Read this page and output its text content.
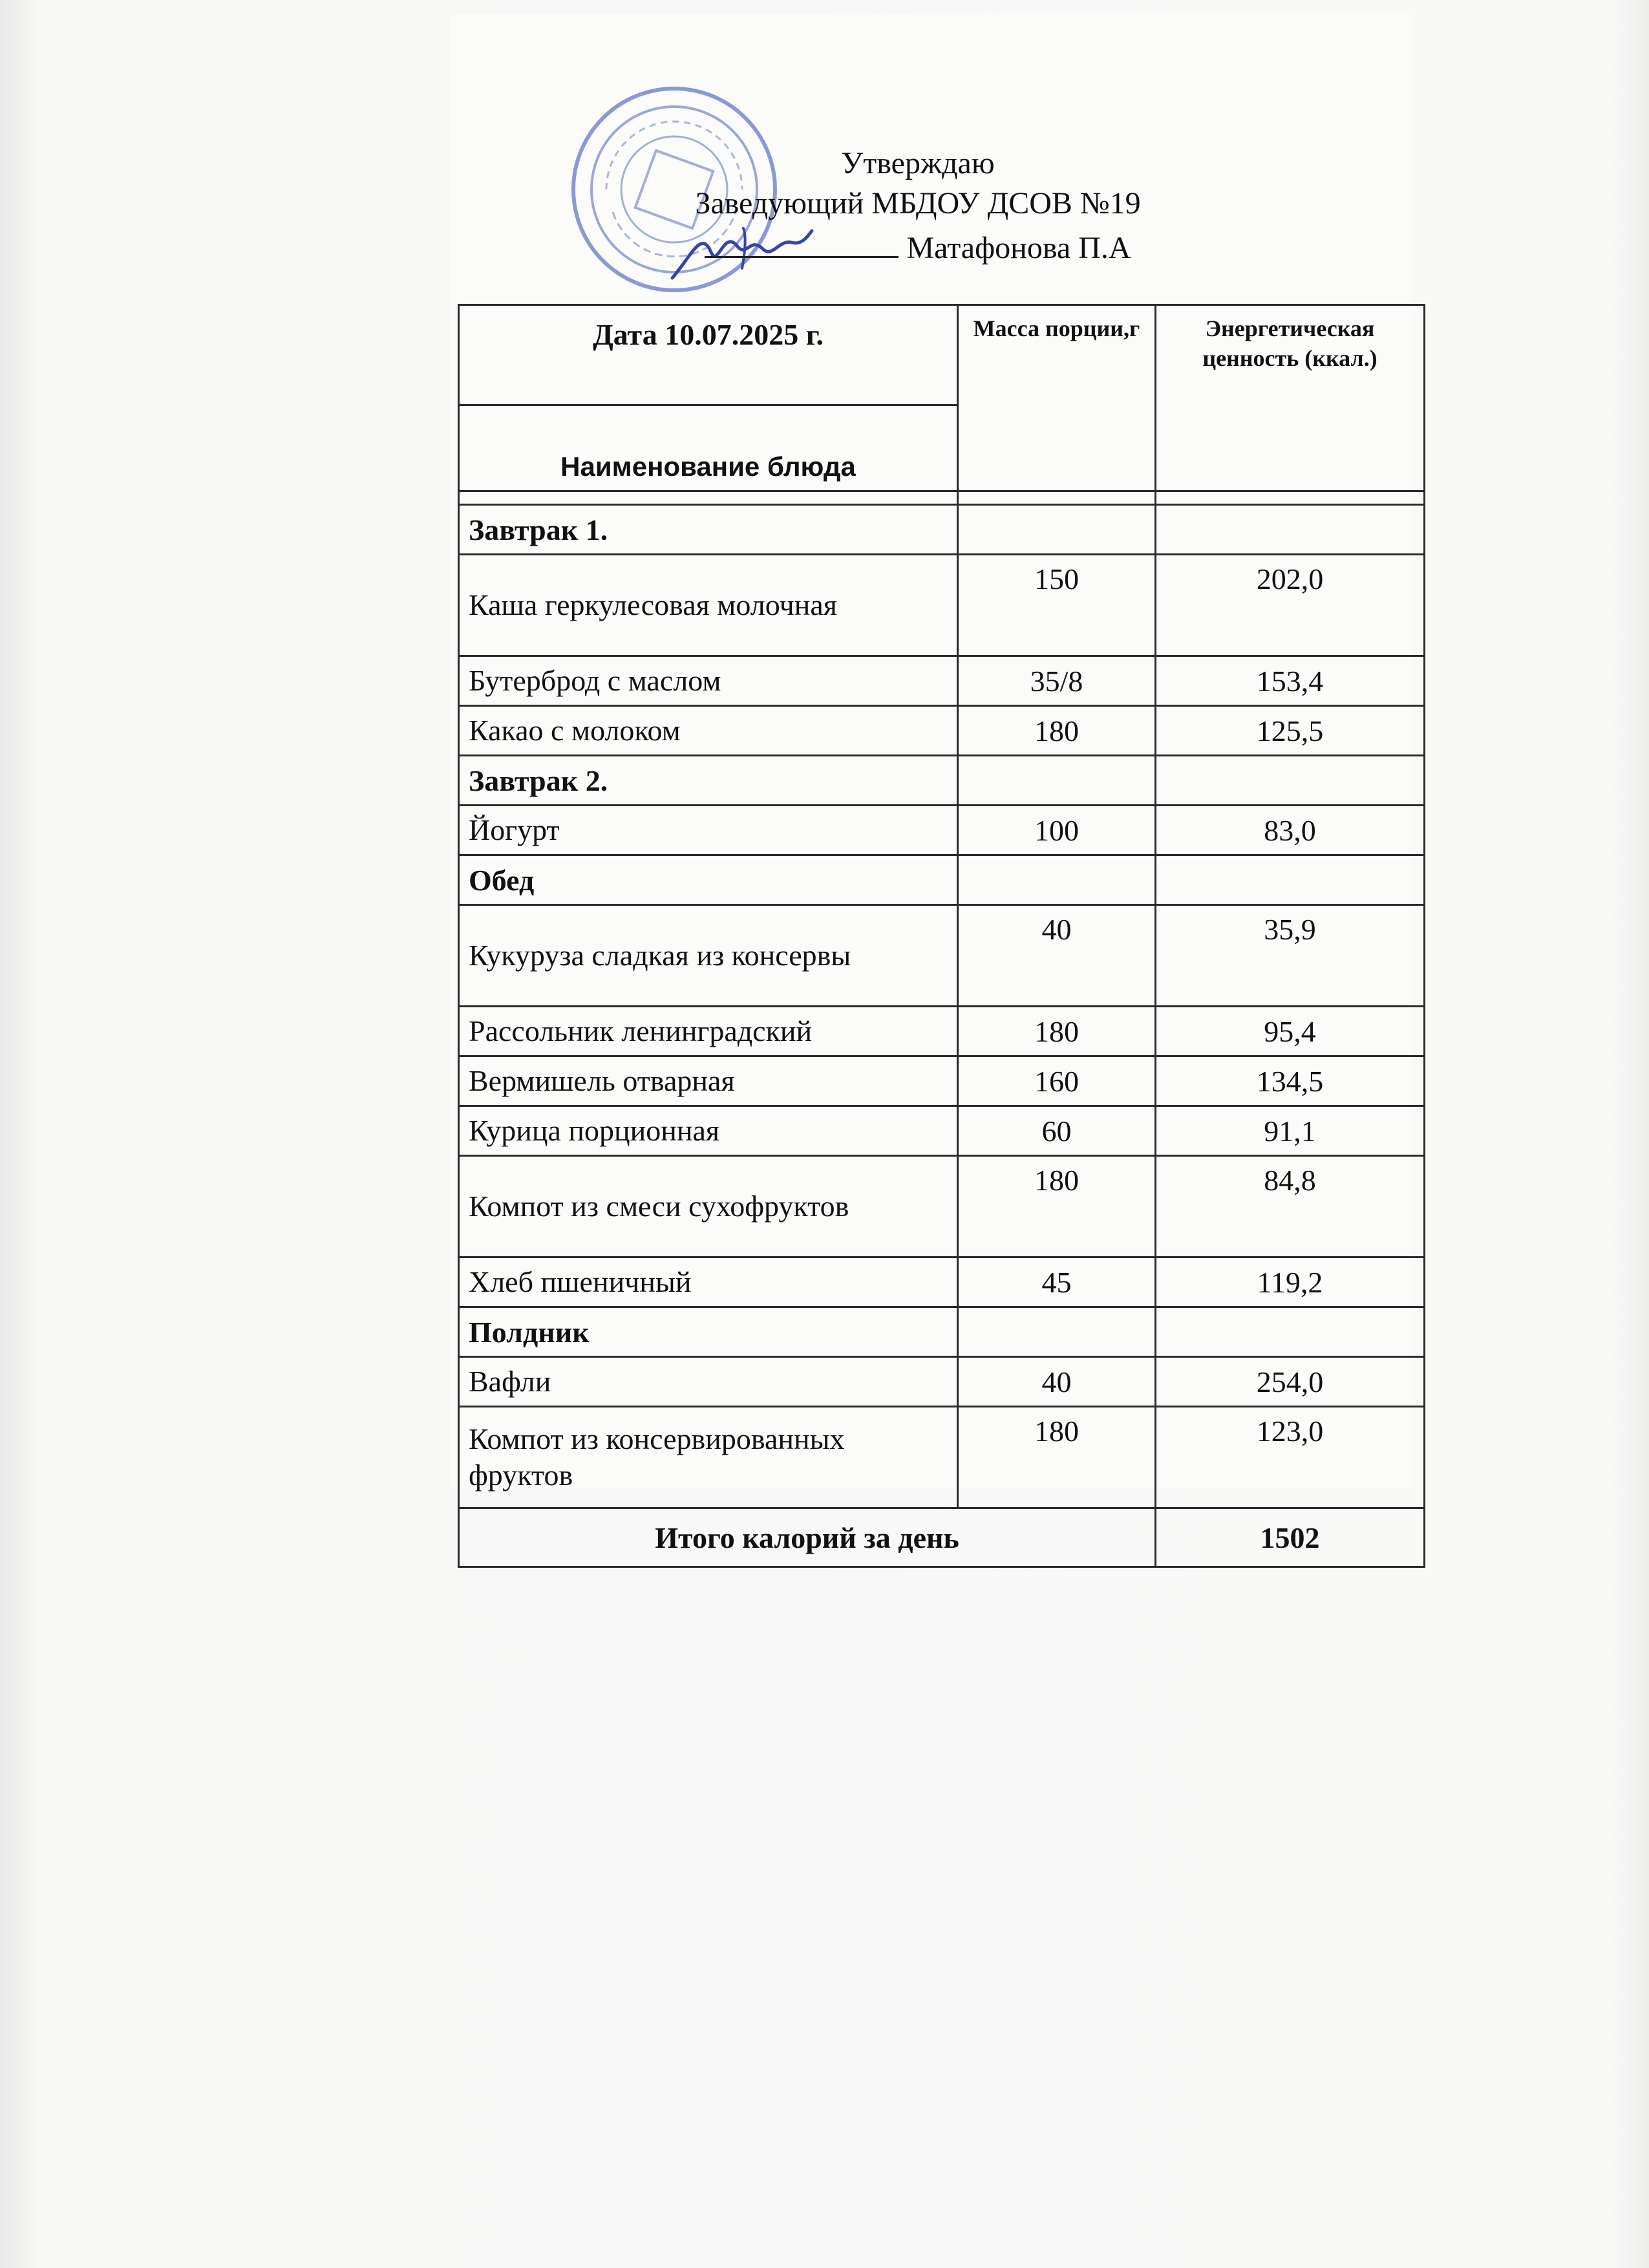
Утверждаю
Заведующий МБДОУ ДСОВ №19
Матафонова П.А
Дата 10.07.2025 г.	Масса порции,г	Энергетическая ценность (ккал.)
Наименование блюда		

Завтрак 1.		
Каша геркулесовая молочная	150	202,0
Бутерброд с маслом	35/8	153,4
Какао с молоком	180	125,5
Завтрак 2.		
Йогурт	100	83,0
Обед		
Кукуруза сладкая из консервы	40	35,9
Рассольник ленинградский	180	95,4
Вермишель отварная	160	134,5
Курица порционная	60	91,1
Компот из смеси сухофруктов	180	84,8
Хлеб пшеничный	45	119,2
Полдник		
Вафли	40	254,0
Компот из консервированных фруктов	180	123,0
Итого калорий за день		1502
